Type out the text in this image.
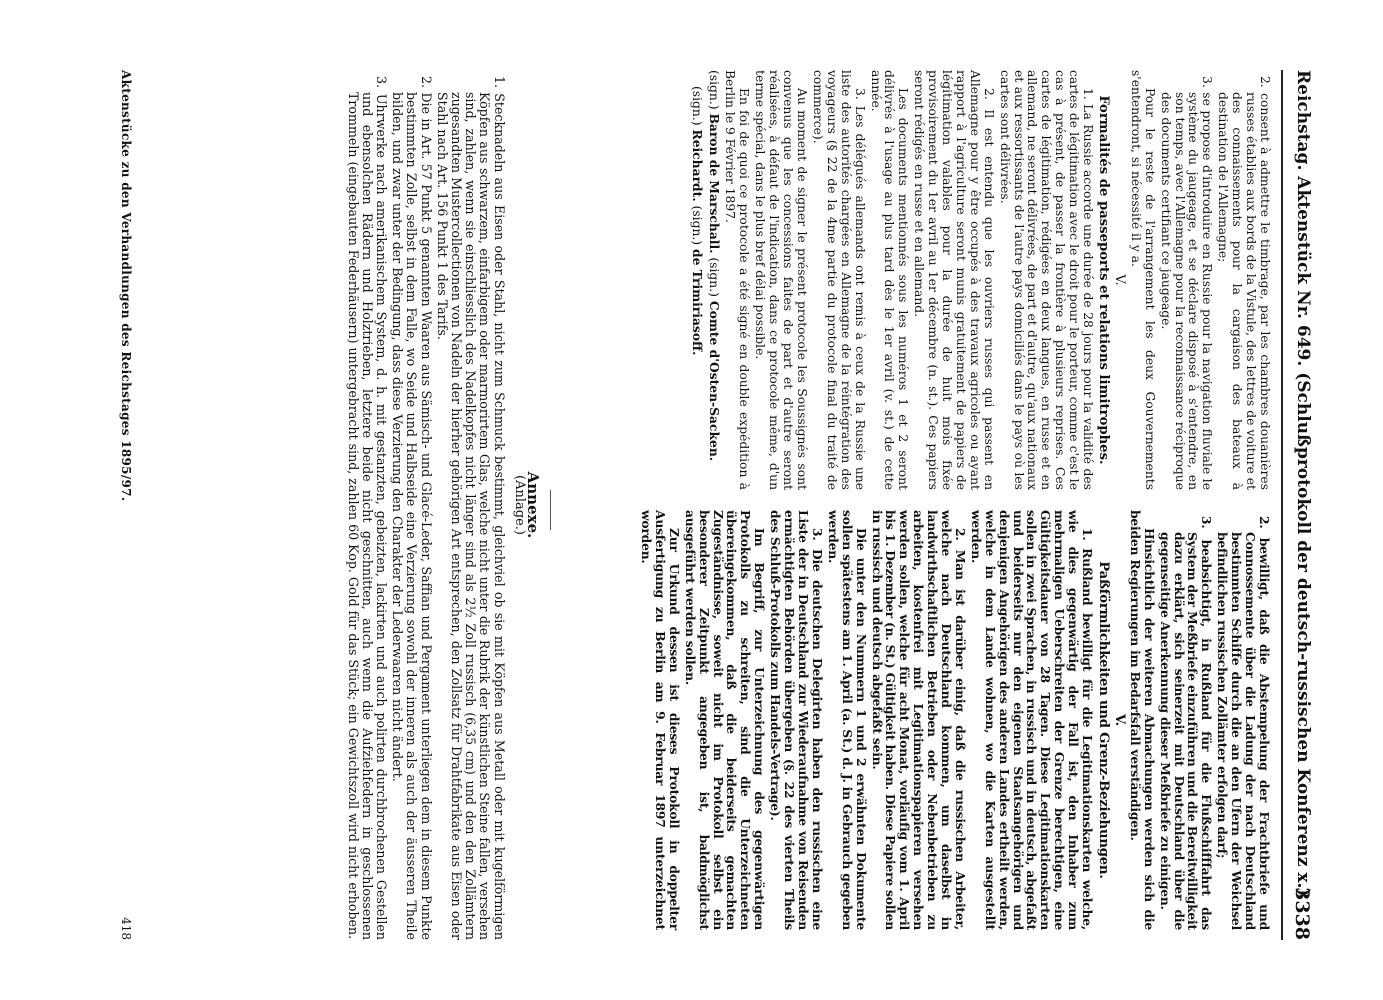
Reichstag. Aktenstück Nr. 649. (Schlußprotokoll der deutsch-russischen Konferenz x.)
3338

2. consent à admettre le timbrage, par les chambres douanières russes établies aux bords de la Vistule, des lettres de voiture et des connaissements pour la cargaison des bateaux à destination de l'Allemagne;

3. se propose d'introduire en Russie pour la navigation fluviale le système du jaugeage, et se déclare disposé à s'entendre, en son temps, avec l'Allemagne pour la reconnaissance réciproque des documents certifiant ce jaugeage.

Pour le reste de l'arrangement les deux Gouvernements s'entendront, si nécessité il y a.

V.

Formalités de passeports et relations limitrophes.

1. La Russie accorde une durée de 28 jours pour la validité des cartes de légitimation avec le droit pour le porteur, comme c'est le cas à présent, de passer la frontière à plusieurs reprises. Ces cartes de légitimation, rédigées en deux langues, en russe et en allemand, ne seront délivrées, de part et d'autre, qu'aux nationaux et aux ressortissants de l'autre pays domiciliés dans le pays où les cartes sont délivrées.

2. Il est entendu que les ouvriers russes qui passent en Allemagne pour y être occupés à des travaux agricoles ou ayant rapport à l'agriculture seront munis gratuitement de papiers de légitimation valables pour la durée de huit mois fixée provisoirement du 1er avril au 1er décembre (n. st.). Ces papiers seront rédigés en russe et en allemand.

Les documents mentionnés sous les numéros 1 et 2 seront délivrés à l'usage au plus tard dès le 1er avril (v. st.) de cette année.

3. Les délégués allemands ont remis à ceux de la Russie une liste des autorités chargées en Allemagne de la réintégration des voyageurs (§ 22 de la 4me partie du protocole final du traité de commerce).

Au moment de signer le présent protocole les Soussignés sont convenus que les concessions faites de part et d'autre seront réalisées, à défaut de l'indication, dans ce protocole même, d'un terme spécial, dans le plus bref délai possible.

En foi de quoi ce protocole a été signé en double expédition à Berlin le 9 Février 1897.

(sign.) Baron de Marschall. (sign.) Comte d'Osten-Sacken.

(sign.) Reichardt. (sign.) de Trimiriasoff.

2. bewilligt, daß die Abstempelung der Frachtbriefe und Connossemente über die Ladung der nach Deutschland bestimmten Schiffe durch die an den Ufern der Weichsel befindlichen russischen Zollämter erfolgen darf;

3. beabsichtigt, in Rußland für die Flußschifffahrt das System der Meßbriefe einzuführen und die Bereitwilligkeit dazu erklärt, sich seinerzeit mit Deutschland über die gegenseitige Anerkennung dieser Meßbriefe zu einigen.

Hinsichtlich der weiteren Abmachungen werden sich die beiden Regierungen im Bedarfsfall verständigen.

V.

Paßförmlichkeiten und Grenz-Beziehungen.

1. Rußland bewilligt für die Legitimationskarten welche, wie dies gegenwärtig der Fall ist, den Inhaber zum mehrmaligen Ueberschreiten der Grenze berechtigen, eine Gültigkeitsdauer von 28 Tagen. Diese Legitimationskarten sollen in zwei Sprachen, in russisch und in deutsch, abgefaßt und beiderseits nur den eigenen Staatsangehörigen und denjenigen Angehörigen des anderen Landes ertheilt werden, welche in dem Lande wohnen, wo die Karten ausgestellt werden.

2. Man ist darüber einig, daß die russischen Arbeiter, welche nach Deutschland kommen, um daselbst in landwirthschaftlichen Betrieben oder Nebenbetrieben zu arbeiten, kostenfrei mit Legitimationspapieren versehen werden sollen, welche für acht Monat, vorläufig vom 1. April bis 1. Dezember (n. St.) Gültigkeit haben. Diese Papiere sollen in russisch und deutsch abgefaßt sein.

Die unter den Nummern 1 und 2 erwähnten Dokumente sollen spätestens am 1. April (a. St.) d. J. in Gebrauch gegeben werden.

3. Die deutschen Delegirten haben den russischen eine Liste der in Deutschland zur Wiederaufnahme von Reisenden ermächtigten Behörden übergeben (§. 22 des vierten Theils des Schluß-Protokolls zum Handels-Vertrage).

Im Begriff, zur Unterzeichnung des gegenwärtigen Protokolls zu schreiten, sind die Unterzeichneten übereingekommen, daß die beiderseits gemachten Zugeständnisse, soweit nicht im Protokoll selbst ein besonderer Zeitpunkt angegeben ist, baldmöglichst ausgeführt werden sollen.

Zur Urkund dessen ist dieses Protokoll in doppelter Ausfertigung zu Berlin am 9. Februar 1897 unterzeichnet worden.

Annexe.

(Anlage.)

1. Stecknadeln aus Eisen oder Stahl, nicht zum Schmuck bestimmt, gleichviel ob sie mit Köpfen aus Metall oder mit kugelförmigen Köpfen aus schwarzem, einfarbigem oder marmorirtem Glas, welche nicht unter die Rubrik der künstlichen Steine fallen, versehen sind, zahlen, wenn sie einschliesslich des Nadelkopfes nicht länger sind als 2½ Zoll russisch (6,35 cm) und den den Zollämtern zugesandten Mustercollectionen von Nadeln der hierher gehörigen Art entsprechen, den Zollsatz für Drahtfabrikate aus Eisen oder Stahl nach Art. 156 Punkt 1 des Tarifs.

2. Die in Art. 57 Punkt 5 genannten Waaren aus Sämisch- und Glacé-Leder, Saffian und Pergament unterliegen dem in diesem Punkte bestimmten Zolle, selbst in dem Falle, wo Seide und Halbseide eine Verzierung sowohl der inneren als auch der äusseren Theile bilden, und zwar unter der Bedingung, dass diese Verzierung den Charakter der Lederwaaren nicht ändert.

3. Uhrwerke nach amerikanischem System, d. h. mit gestanzten, gebeizten, lackirten und auch polirten durchbrochenen Gestellen und ebensolchen Rädern und Holztrieben, letztere beide nicht geschnitten, auch wenn die Aufziehfedern in geschlossenen Trommeln (eingebauten Federhäusern) untergebracht sind, zahlen 60 Kop. Gold für das Stück; ein Gewichtszoll wird nicht erhoben.

Aktenstücke zu den Verhandlungen des Reichstages 1895/97.
418
